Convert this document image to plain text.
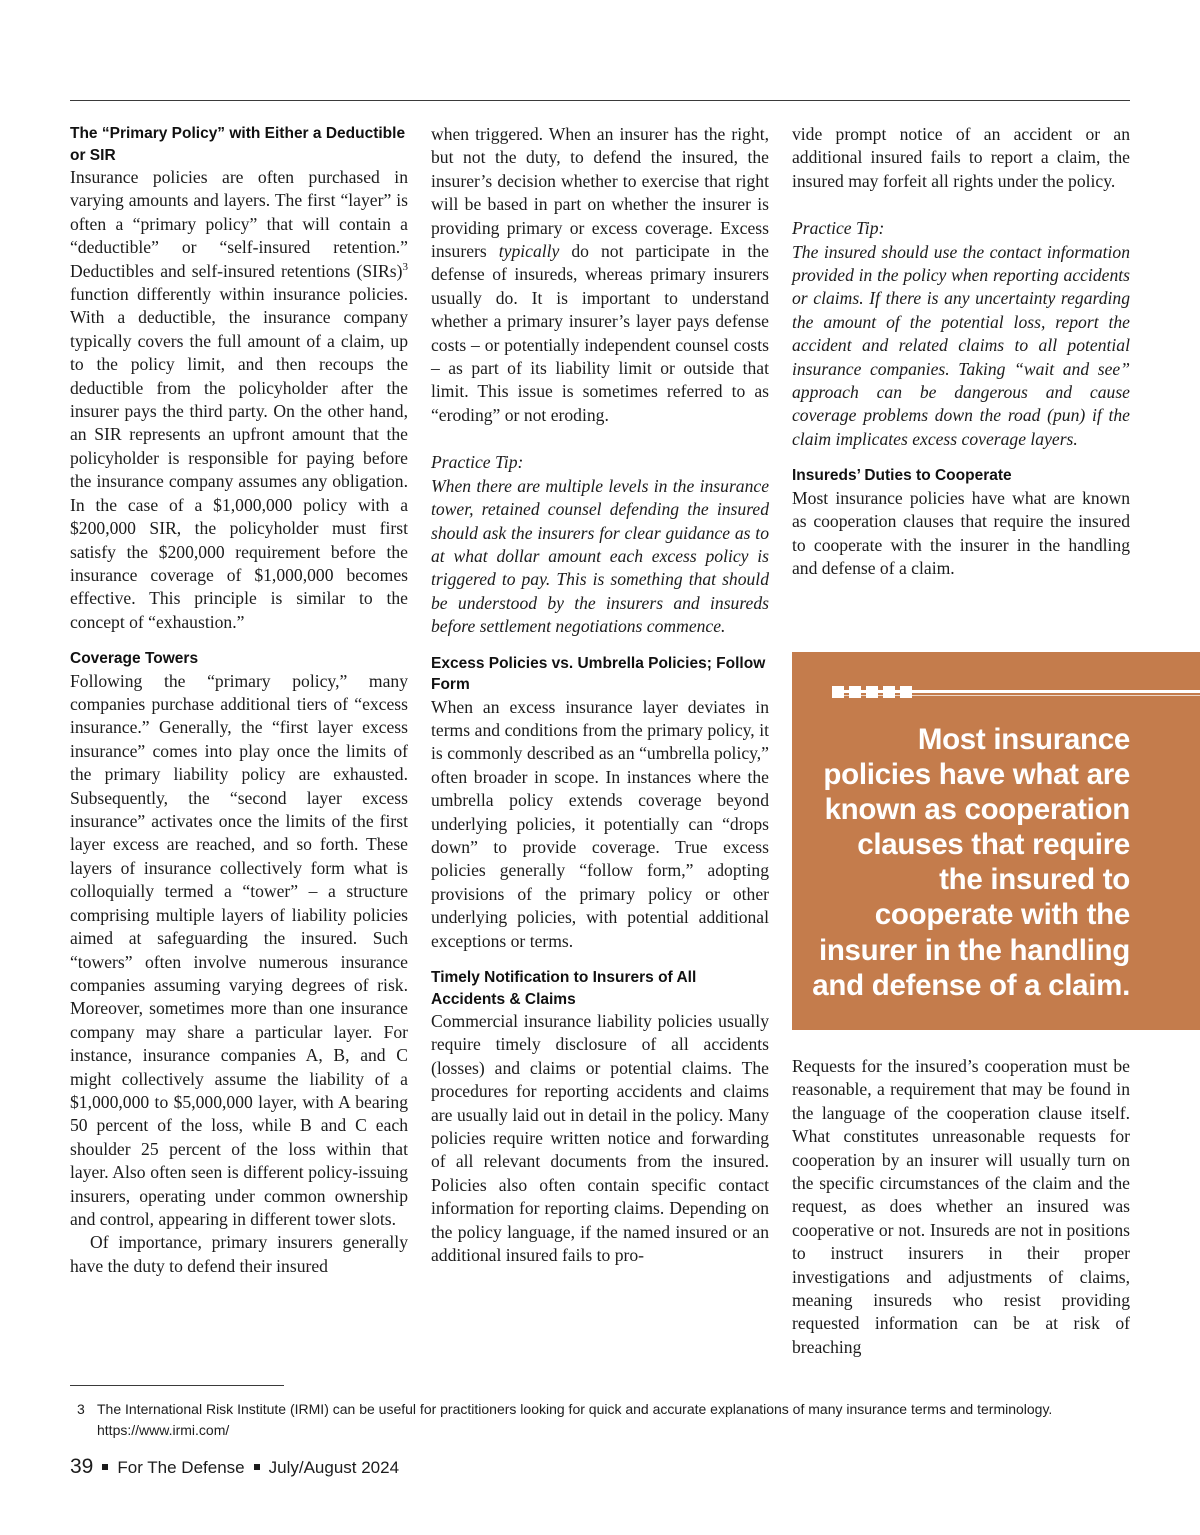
The “Primary Policy” with Either a Deductible or SIR

Insurance policies are often purchased in varying amounts and layers. The first “layer” is often a “primary policy” that will contain a “deductible” or “self-insured retention.” Deductibles and self-insured retentions (SIRs)$^3$ function differently within insurance policies. With a deductible, the insurance company typically covers the full amount of a claim, up to the policy limit, and then recoups the deductible from the policyholder after the insurer pays the third party. On the other hand, an SIR represents an upfront amount that the policyholder is responsible for paying before the insurance company assumes any obligation. In the case of a $1,000,000 policy with a $200,000 SIR, the policyholder must first satisfy the $200,000 requirement before the insurance coverage of $1,000,000 becomes effective. This principle is similar to the concept of “exhaustion.”

Coverage Towers

Following the “primary policy,” many companies purchase additional tiers of “excess insurance.” Generally, the “first layer excess insurance” comes into play once the limits of the primary liability policy are exhausted. Subsequently, the “second layer excess insurance” activates once the limits of the first layer excess are reached, and so forth. These layers of insurance collectively form what is colloquially termed a “tower” – a structure comprising multiple layers of liability policies aimed at safeguarding the insured. Such “towers” often involve numerous insurance companies assuming varying degrees of risk. Moreover, sometimes more than one insurance company may share a particular layer. For instance, insurance companies A, B, and C might collectively assume the liability of a $1,000,000 to $5,000,000 layer, with A bearing 50 percent of the loss, while B and C each shoulder 25 percent of the loss within that layer. Also often seen is different policy-issuing insurers, operating under common ownership and control, appearing in different tower slots.

Of importance, primary insurers generally have the duty to defend their insured

when triggered. When an insurer has the right, but not the duty, to defend the insured, the insurer’s decision whether to exercise that right will be based in part on whether the insurer is providing primary or excess coverage. Excess insurers typically do not participate in the defense of insureds, whereas primary insurers usually do. It is important to understand whether a primary insurer’s layer pays defense costs – or potentially independent counsel costs – as part of its liability limit or outside that limit. This issue is sometimes referred to as “eroding” or not eroding.

Practice Tip:

When there are multiple levels in the insurance tower, retained counsel defending the insured should ask the insurers for clear guidance as to at what dollar amount each excess policy is triggered to pay. This is something that should be understood by the insurers and insureds before settlement negotiations commence.

Excess Policies vs. Umbrella Policies; Follow Form

When an excess insurance layer deviates in terms and conditions from the primary policy, it is commonly described as an “umbrella policy,” often broader in scope. In instances where the umbrella policy extends coverage beyond underlying policies, it potentially can “drops down” to provide coverage. True excess policies generally “follow form,” adopting provisions of the primary policy or other underlying policies, with potential additional exceptions or terms.

Timely Notification to Insurers of All Accidents & Claims

Commercial insurance liability policies usually require timely disclosure of all accidents (losses) and claims or potential claims. The procedures for reporting accidents and claims are usually laid out in detail in the policy. Many policies require written notice and forwarding of all relevant documents from the insured. Policies also often contain specific contact information for reporting claims. Depending on the policy language, if the named insured or an additional insured fails to pro-

vide prompt notice of an accident or an additional insured fails to report a claim, the insured may forfeit all rights under the policy.

Practice Tip:

The insured should use the contact information provided in the policy when reporting accidents or claims. If there is any uncertainty regarding the amount of the potential loss, report the accident and related claims to all potential insurance companies. Taking “wait and see” approach can be dangerous and cause coverage problems down the road (pun) if the claim implicates excess coverage layers.

Insureds’ Duties to Cooperate

Most insurance policies have what are known as cooperation clauses that require the insured to cooperate with the insurer in the handling and defense of a claim.

Most insurance policies have what are known as cooperation clauses that require the insured to cooperate with the insurer in the handling and defense of a claim.

Requests for the insured’s cooperation must be reasonable, a requirement that may be found in the language of the cooperation clause itself. What constitutes unreasonable requests for cooperation by an insurer will usually turn on the specific circumstances of the claim and the request, as does whether an insured was cooperative or not. Insureds are not in positions to instruct insurers in their proper investigations and adjustments of claims, meaning insureds who resist providing requested information can be at risk of breaching

3 The International Risk Institute (IRMI) can be useful for practitioners looking for quick and accurate explanations of many insurance terms and terminology. https://www.irmi.com/
39 For The Defense July/August 2024
